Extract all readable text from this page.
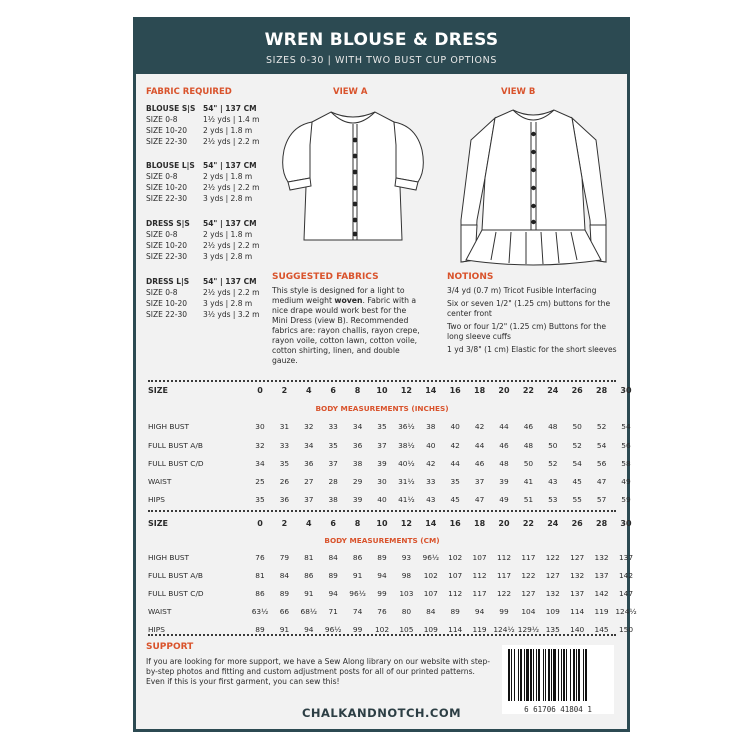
WREN BLOUSE & DRESS
SIZES 0-30 | WITH TWO BUST CUP OPTIONS
FABRIC REQUIRED
BLOUSE S|S	54" | 137 CM
SIZE 0-8	1½ yds | 1.4 m
SIZE 10-20	2 yds | 1.8 m
SIZE 22-30	2½ yds | 2.2 m
BLOUSE L|S	54" | 137 CM
SIZE 0-8	2 yds | 1.8 m
SIZE 10-20	2½ yds | 2.2 m
SIZE 22-30	3 yds | 2.8 m
DRESS S|S	54" | 137 CM
SIZE 0-8	2 yds | 1.8 m
SIZE 10-20	2½ yds | 2.2 m
SIZE 22-30	3 yds | 2.8 m
DRESS L|S	54" | 137 CM
SIZE 0-8	2½ yds | 2.2 m
SIZE 10-20	3 yds | 2.8 m
SIZE 22-30	3½ yds | 3.2 m
VIEW A	VIEW B
SUGGESTED FABRICS
This style is designed for a light to medium weight woven. Fabric with a nice drape would work best for the Mini Dress (view B). Recommended fabrics are: rayon challis, rayon crepe, rayon voile, cotton lawn, cotton voile, cotton shirting, linen, and double gauze.
NOTIONS
3/4 yd (0.7 m) Tricot Fusible Interfacing
Six or seven 1/2" (1.25 cm) buttons for the center front
Two or four 1/2" (1.25 cm) Buttons for the long sleeve cuffs
1 yd 3/8" (1 cm) Elastic for the short sleeves
SIZE	0	2	4	6	8	10	12	14	16	18	20	22	24	26	28	30
BODY MEASUREMENTS (INCHES)
HIGH BUST	30	31	32	33	34	35	36½	38	40	42	44	46	48	50	52	54
FULL BUST A/B	32	33	34	35	36	37	38½	40	42	44	46	48	50	52	54	56
FULL BUST C/D	34	35	36	37	38	39	40½	42	44	46	48	50	52	54	56	58
WAIST	25	26	27	28	29	30	31½	33	35	37	39	41	43	45	47	49
HIPS	35	36	37	38	39	40	41½	43	45	47	49	51	53	55	57	59
SIZE	0	2	4	6	8	10	12	14	16	18	20	22	24	26	28	30
BODY MEASUREMENTS (CM)
HIGH BUST	76	79	81	84	86	89	93	96½	102	107	112	117	122	127	132	137
FULL BUST A/B	81	84	86	89	91	94	98	102	107	112	117	122	127	132	137	142
FULL BUST C/D	86	89	91	94	96½	99	103	107	112	117	122	127	132	137	142	147
WAIST	63½	66	68½	71	74	76	80	84	89	94	99	104	109	114	119 124½
HIPS	89	91	94	96½	99	102	105	109	114	119 124½ 129½ 135	140	145	150
SUPPORT
If you are looking for more support, we have a Sew Along library on our website with step-by-step photos and fitting and custom adjustment posts for all of our printed patterns. Even if this is your first garment, you can sew this!
6 61706 41804 1
CHALKANDNOTCH.COM
